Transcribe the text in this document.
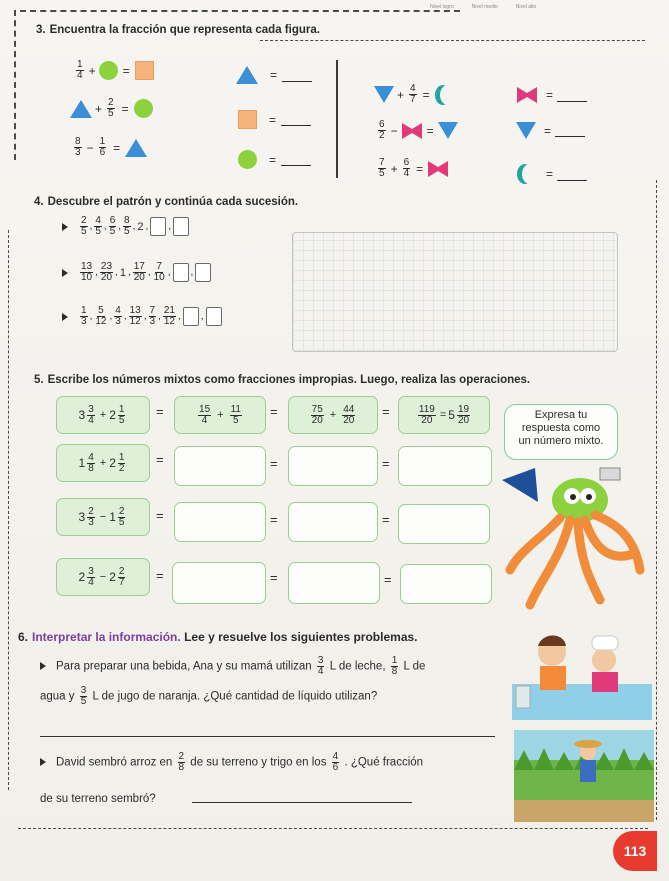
Nivel logro	Nivel medio	Nivel alto
3. Encuentra la fracción que representa cada figura.
$\frac{1}{4}$ + =
+ $\frac{2}{5}$ =
$\frac{8}{3} - \frac{1}{6}$ =
=
=
=
+ $\frac{4}{7}$ =
$\frac{6}{2}$ − =
$\frac{7}{5} + \frac{6}{4}$ =
=
=
=
4. Descubre el patrón y continúa cada sucesión.
$\frac{2}{5}$ , $\frac{4}{5}$ , $\frac{6}{5}$ , $\frac{8}{5}$ , 2 ,
,
$\frac{13}{10}$ , $\frac{23}{20}$ , 1 , $\frac{17}{20}$ , $\frac{7}{10}$ ,
,
$\frac{1}{3}$ , $\frac{5}{12}$ , $\frac{4}{3}$ , $\frac{13}{12}$ , $\frac{7}{3}$ , $\frac{21}{12}$ ,
,
5. Escribe los números mixtos como fracciones impropias. Luego, realiza las operaciones.
$3 \frac{3}{4} + 2 \frac{1}{5}$ =	$\frac{15}{4} + \frac{11}{5}$ =	$\frac{75}{20} + \frac{44}{20}$ =	$\frac{119}{20} = 5 \frac{19}{20}$
$1 \frac{4}{8} + 2 \frac{1}{2}$ =	=	=
$3 \frac{2}{3} - 1 \frac{2}{5}$ =	=	=
$2 \frac{3}{4} - 2 \frac{2}{7}$ =	=	=
Expresa tu
respuesta como
un número mixto.
6. Interpretar la información. Lee y resuelve los siguientes problemas.
Para preparar una bebida, Ana y su mamá utilizan $\frac{3}{4}$ L de leche, $\frac{1}{8}$ L de
agua y $\frac{3}{5}$ L de jugo de naranja. ¿Qué cantidad de líquido utilizan?
David sembró arroz en $\frac{2}{8}$ de su terreno y trigo en los $\frac{4}{6}$ . ¿Qué fracción
de su terreno sembró?
113
